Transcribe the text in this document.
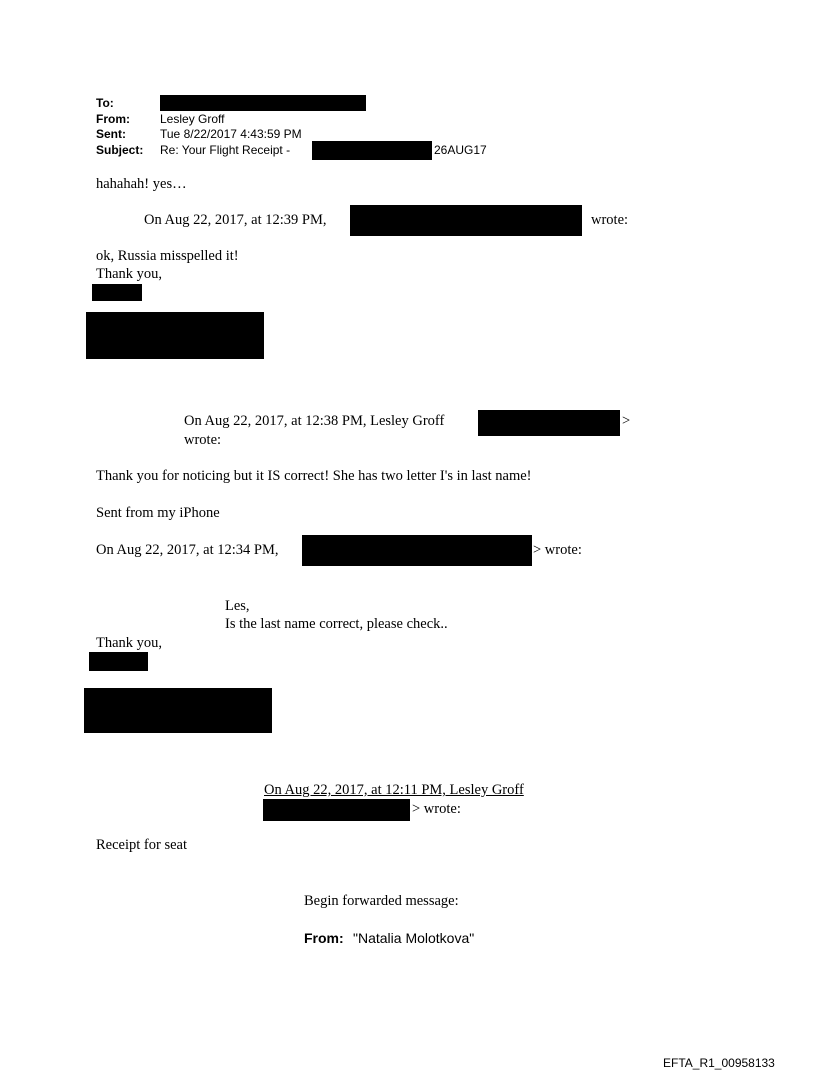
To:
From:	Lesley Groff
Sent:	Tue 8/22/2017 4:43:59 PM
Subject: Re: Your Flight Receipt -	26AUG17
hahahah! yes…
On Aug 22, 2017, at 12:39 PM,	wrote:
ok, Russia misspelled it!
Thank you,
On Aug 22, 2017, at 12:38 PM, Lesley Groff	>
wrote:
Thank you for noticing but it IS correct! She has two letter I's in last name!
Sent from my iPhone
On Aug 22, 2017, at 12:34 PM,	> wrote:
Les,
Is the last name correct, please check..
Thank you,
On Aug 22, 2017, at 12:11 PM, Lesley Groff
> wrote:
Receipt for seat
Begin forwarded message:
From: "Natalia Molotkova"
EFTA_R1_00958133
